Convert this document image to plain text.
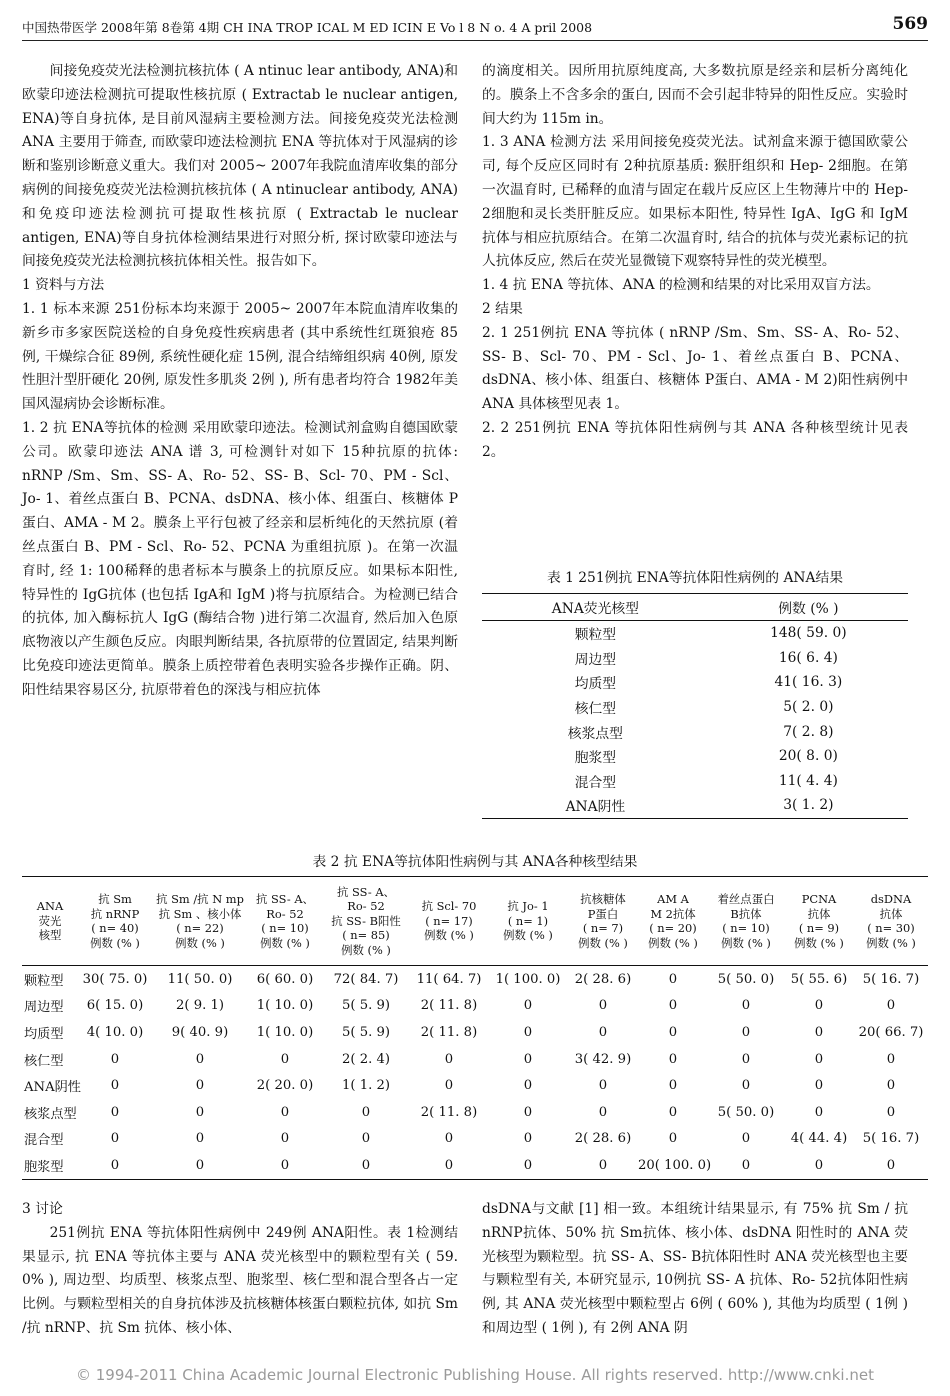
中国热带医学 2008年第 8卷第 4期 CH INA TROP ICAL M ED ICIN E Vo l 8 N o. 4 A pril 2008	569

间接免疫荧光法检测抗核抗体 ( A ntinuc lear antibody, ANA)和欧蒙印迹法检测抗可提取性核抗原 ( Extractab le nuclear antigen, ENA)等自身抗体, 是目前风湿病主要检测方法。间接免疫荧光法检测 ANA 主要用于筛查, 而欧蒙印迹法检测抗 ENA 等抗体对于风湿病的诊断和鉴别诊断意义重大。我们对 2005~ 2007年我院血清库收集的部分病例的间接免疫荧光法检测抗核抗体 ( A ntinuclear antibody, ANA)和免疫印迹法检测抗可提取性核抗原 ( Extractab le nuclear antigen, ENA)等自身抗体检测结果进行对照分析, 探讨欧蒙印迹法与间接免疫荧光法检测抗核抗体相关性。报告如下。

1 资料与方法

1. 1 标本来源 251份标本均来源于 2005~ 2007年本院血清库收集的新乡市多家医院送检的自身免疫性疾病患者 (其中系统性红斑狼疮 85例, 干燥综合征 89例, 系统性硬化症 15例, 混合结缔组织病 40例, 原发性胆汁型肝硬化 20例, 原发性多肌炎 2例 ), 所有患者均符合 1982年美国风湿病协会诊断标准。

1. 2 抗 ENA等抗体的检测 采用欧蒙印迹法。检测试剂盒购自德国欧蒙公司。欧蒙印迹法 ANA 谱 3, 可检测针对如下 15种抗原的抗体: nRNP /Sm、Sm、SS- A、Ro- 52、SS- B、Scl- 70、PM - Scl、Jo- 1、着丝点蛋白 B、PCNA、dsDNA、核小体、组蛋白、核糖体 P蛋白、AMA - M 2。膜条上平行包被了经亲和层析纯化的天然抗原 (着丝点蛋白 B、PM - Scl、Ro- 52、PCNA 为重组抗原 )。在第一次温育时, 经 1: 100稀释的患者标本与膜条上的抗原反应。如果标本阳性, 特异性的 IgG抗体 (也包括 IgA和 IgM )将与抗原结合。为检测已结合的抗体, 加入酶标抗人 IgG (酶结合物 )进行第二次温育, 然后加入色原底物液以产生颜色反应。肉眼判断结果, 各抗原带的位置固定, 结果判断比免疫印迹法更简单。膜条上质控带着色表明实验各步操作正确。阴、阳性结果容易区分, 抗原带着色的深浅与相应抗体

的滴度相关。因所用抗原纯度高, 大多数抗原是经亲和层析分离纯化的。膜条上不含多余的蛋白, 因而不会引起非特异的阳性反应。实验时间大约为 115m in。

1. 3 ANA 检测方法 采用间接免疫荧光法。试剂盒来源于德国欧蒙公司, 每个反应区同时有 2种抗原基质: 猴肝组织和 Hep- 2细胞。在第一次温育时, 已稀释的血清与固定在载片反应区上生物薄片中的 Hep- 2细胞和灵长类肝脏反应。如果标本阳性, 特异性 IgA、IgG 和 IgM 抗体与相应抗原结合。在第二次温育时, 结合的抗体与荧光素标记的抗人抗体反应, 然后在荧光显微镜下观察特异性的荧光模型。

1. 4 抗 ENA 等抗体、ANA 的检测和结果的对比采用双盲方法。

2 结果

2. 1 251例抗 ENA 等抗体 ( nRNP /Sm、Sm、SS- A、Ro- 52、SS- B、Scl- 70、PM - Scl、Jo- 1、着丝点蛋白 B、PCNA、dsDNA、核小体、组蛋白、核糖体 P蛋白、AMA - M 2)阳性病例中 ANA 具体核型见表 1。

2. 2 251例抗 ENA 等抗体阳性病例与其 ANA 各种核型统计见表 2。

表 1 251例抗 ENA等抗体阳性病例的 ANA结果
ANA荧光核型	例数 (% )
颗粒型	148( 59. 0)
周边型	16( 6. 4)
均质型	41( 16. 3)
核仁型	5( 2. 0)
核浆点型	7( 2. 8)
胞浆型	20( 8. 0)
混合型	11( 4. 4)
ANA阴性	3( 1. 2)
表 2 抗 ENA等抗体阳性病例与其 ANA各种核型结果
ANA
荧光
核型	抗 Sm
抗 nRNP
( n= 40)
例数 (% )	抗 Sm /抗 N mp
抗 Sm 、核小体
( n= 22)
例数 (% )	抗 SS- A、
Ro- 52
( n= 10)
例数 (% )	抗 SS- A、
Ro- 52
抗 SS- B阳性
( n= 85)
例数 (% )	抗 Scl- 70
( n= 17)
例数 (% )	抗 Jo- 1
( n= 1)
例数 (% )	抗核糖体
P蛋白
( n= 7)
例数 (% )	AM A
M 2抗体
( n= 20)
例数 (% )	着丝点蛋白
B抗体
( n= 10)
例数 (% )	PCNA
抗体
( n= 9)
例数 (% )	dsDNA
抗体
( n= 30)
例数 (% )
颗粒型	30( 75. 0)	11( 50. 0)	6( 60. 0)	72( 84. 7)	11( 64. 7)	1( 100. 0)	2( 28. 6)	0	5( 50. 0)	5( 55. 6)	5( 16. 7)
周边型	6( 15. 0)	2( 9. 1)	1( 10. 0)	5( 5. 9)	2( 11. 8)	0	0	0	0	0	0
均质型	4( 10. 0)	9( 40. 9)	1( 10. 0)	5( 5. 9)	2( 11. 8)	0	0	0	0	0	20( 66. 7)
核仁型	0	0	0	2( 2. 4)	0	0	3( 42. 9)	0	0	0	0
ANA阴性	0	0	2( 20. 0)	1( 1. 2)	0	0	0	0	0	0	0
核浆点型	0	0	0	0	2( 11. 8)	0	0	0	5( 50. 0)	0	0
混合型	0	0	0	0	0	0	2( 28. 6)	0	0	4( 44. 4)	5( 16. 7)
胞浆型	0	0	0	0	0	0	0	20( 100. 0)	0	0	0

3 讨论

251例抗 ENA 等抗体阳性病例中 249例 ANA阳性。表 1检测结果显示, 抗 ENA 等抗体主要与 ANA 荧光核型中的颗粒型有关 ( 59. 0% ), 周边型、均质型、核浆点型、胞浆型、核仁型和混合型各占一定比例。与颗粒型相关的自身抗体涉及抗核糖体核蛋白颗粒抗体, 如抗 Sm /抗 nRNP、抗 Sm 抗体、核小体、

dsDNA与文献 [1] 相一致。本组统计结果显示, 有 75% 抗 Sm / 抗 nRNP抗体、50% 抗 Sm抗体、核小体、dsDNA 阳性时的 ANA 荧光核型为颗粒型。抗 SS- A、SS- B抗体阳性时 ANA 荧光核型也主要与颗粒型有关, 本研究显示, 10例抗 SS- A 抗体、Ro- 52抗体阳性病例, 其 ANA 荧光核型中颗粒型占 6例 ( 60% ), 其他为均质型 ( 1例 )和周边型 ( 1例 ), 有 2例 ANA 阴

© 1994-2011 China Academic Journal Electronic Publishing House. All rights reserved. http://www.cnki.net
